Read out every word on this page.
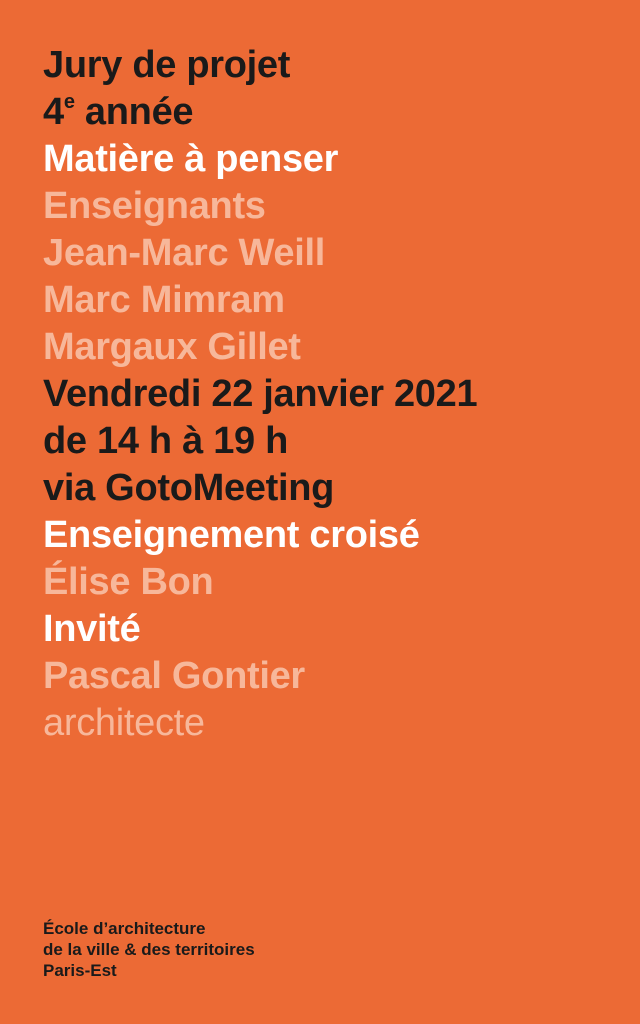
Jury de projet
4e année
Matière à penser
Enseignants
Jean-Marc Weill
Marc Mimram
Margaux Gillet
Vendredi 22 janvier 2021
de 14 h à 19 h
via GotoMeeting
Enseignement croisé
Élise Bon
Invité
Pascal Gontier
architecte
École d’architecture
de la ville & des territoires
Paris-Est
